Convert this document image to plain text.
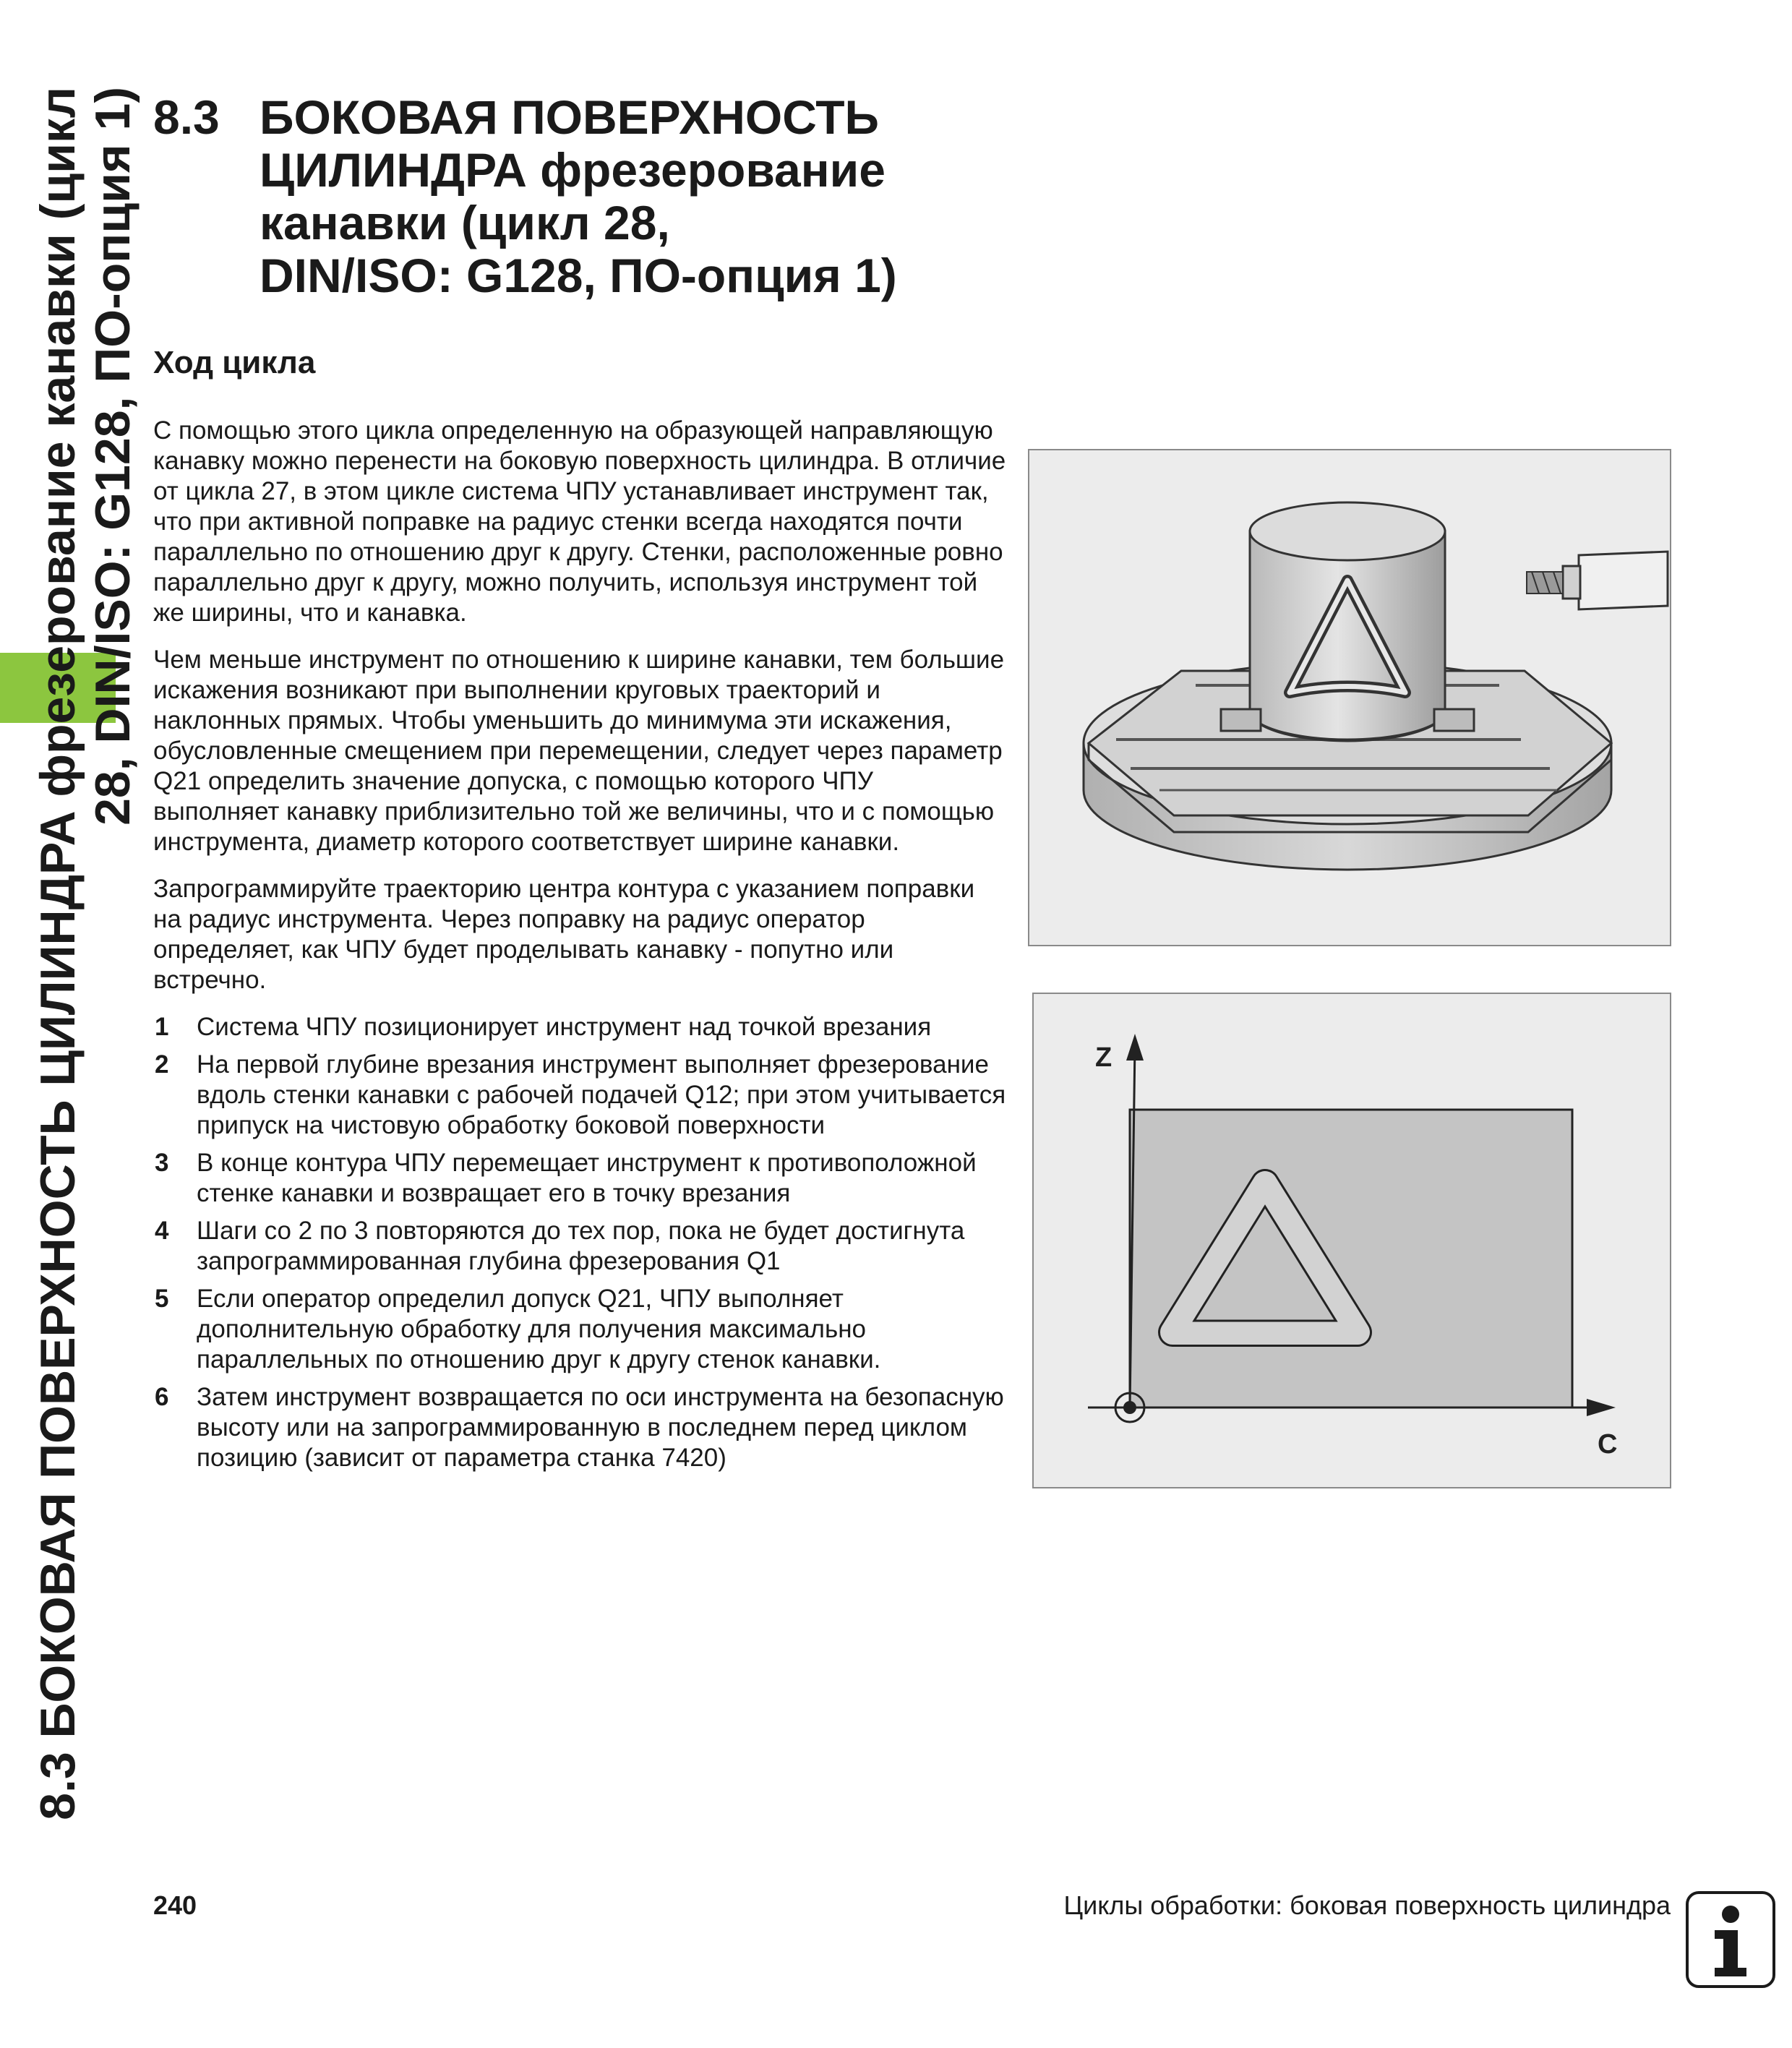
8.3 БОКОВАЯ ПОВЕРХНОСТЬ ЦИЛИНДРА фрезерование канавки (цикл 28, DIN/ISO: G128, ПО-опция 1) 8.3 БОКОВАЯ ПОВЕРХНОСТЬ
ЦИЛИНДРА фрезерование
канавки (цикл 28,
DIN/ISO: G128, ПО-опция 1)
Ход цикла

С помощью этого цикла определенную на образующей направляющую канавку можно перенести на боковую поверхность цилиндра. В отличие от цикла 27, в этом цикле система ЧПУ устанавливает инструмент так, что при активной поправке на радиус стенки всегда находятся почти параллельно по отношению друг к другу. Стенки, расположенные ровно параллельно друг к другу, можно получить, используя инструмент той же ширины, что и канавка.

Чем меньше инструмент по отношению к ширине канавки, тем большие искажения возникают при выполнении круговых траекторий и наклонных прямых. Чтобы уменьшить до минимума эти искажения, обусловленные смещением при перемещении, следует через параметр Q21 определить значение допуска, с помощью которого ЧПУ выполняет канавку приблизительно той же величины, что и с помощью инструмента, диаметр которого соответствует ширине канавки.

Запрограммируйте траекторию центра контура с указанием поправки на радиус инструмента. Через поправку на радиус оператор определяет, как ЧПУ будет проделывать канавку - попутно или встречно.

1 Система ЧПУ позиционирует инструмент над точкой врезания
2 На первой глубине врезания инструмент выполняет фрезерование вдоль стенки канавки с рабочей подачей Q12; при этом учитывается припуск на чистовую обработку боковой поверхности
3 В конце контура ЧПУ перемещает инструмент к противоположной стенке канавки и возвращает его в точку врезания
4 Шаги со 2 по 3 повторяются до тех пор, пока не будет достигнута запрограммированная глубина фрезерования Q1
5 Если оператор определил допуск Q21, ЧПУ выполняет дополнительную обработку для получения максимально параллельных по отношению друг к другу стенок канавки.
6 Затем инструмент возвращается по оси инструмента на безопасную высоту или на запрограммированную в последнем перед циклом позицию (зависит от параметра станка 7420)
Z
C
240	Циклы обработки: боковая поверхность цилиндра
